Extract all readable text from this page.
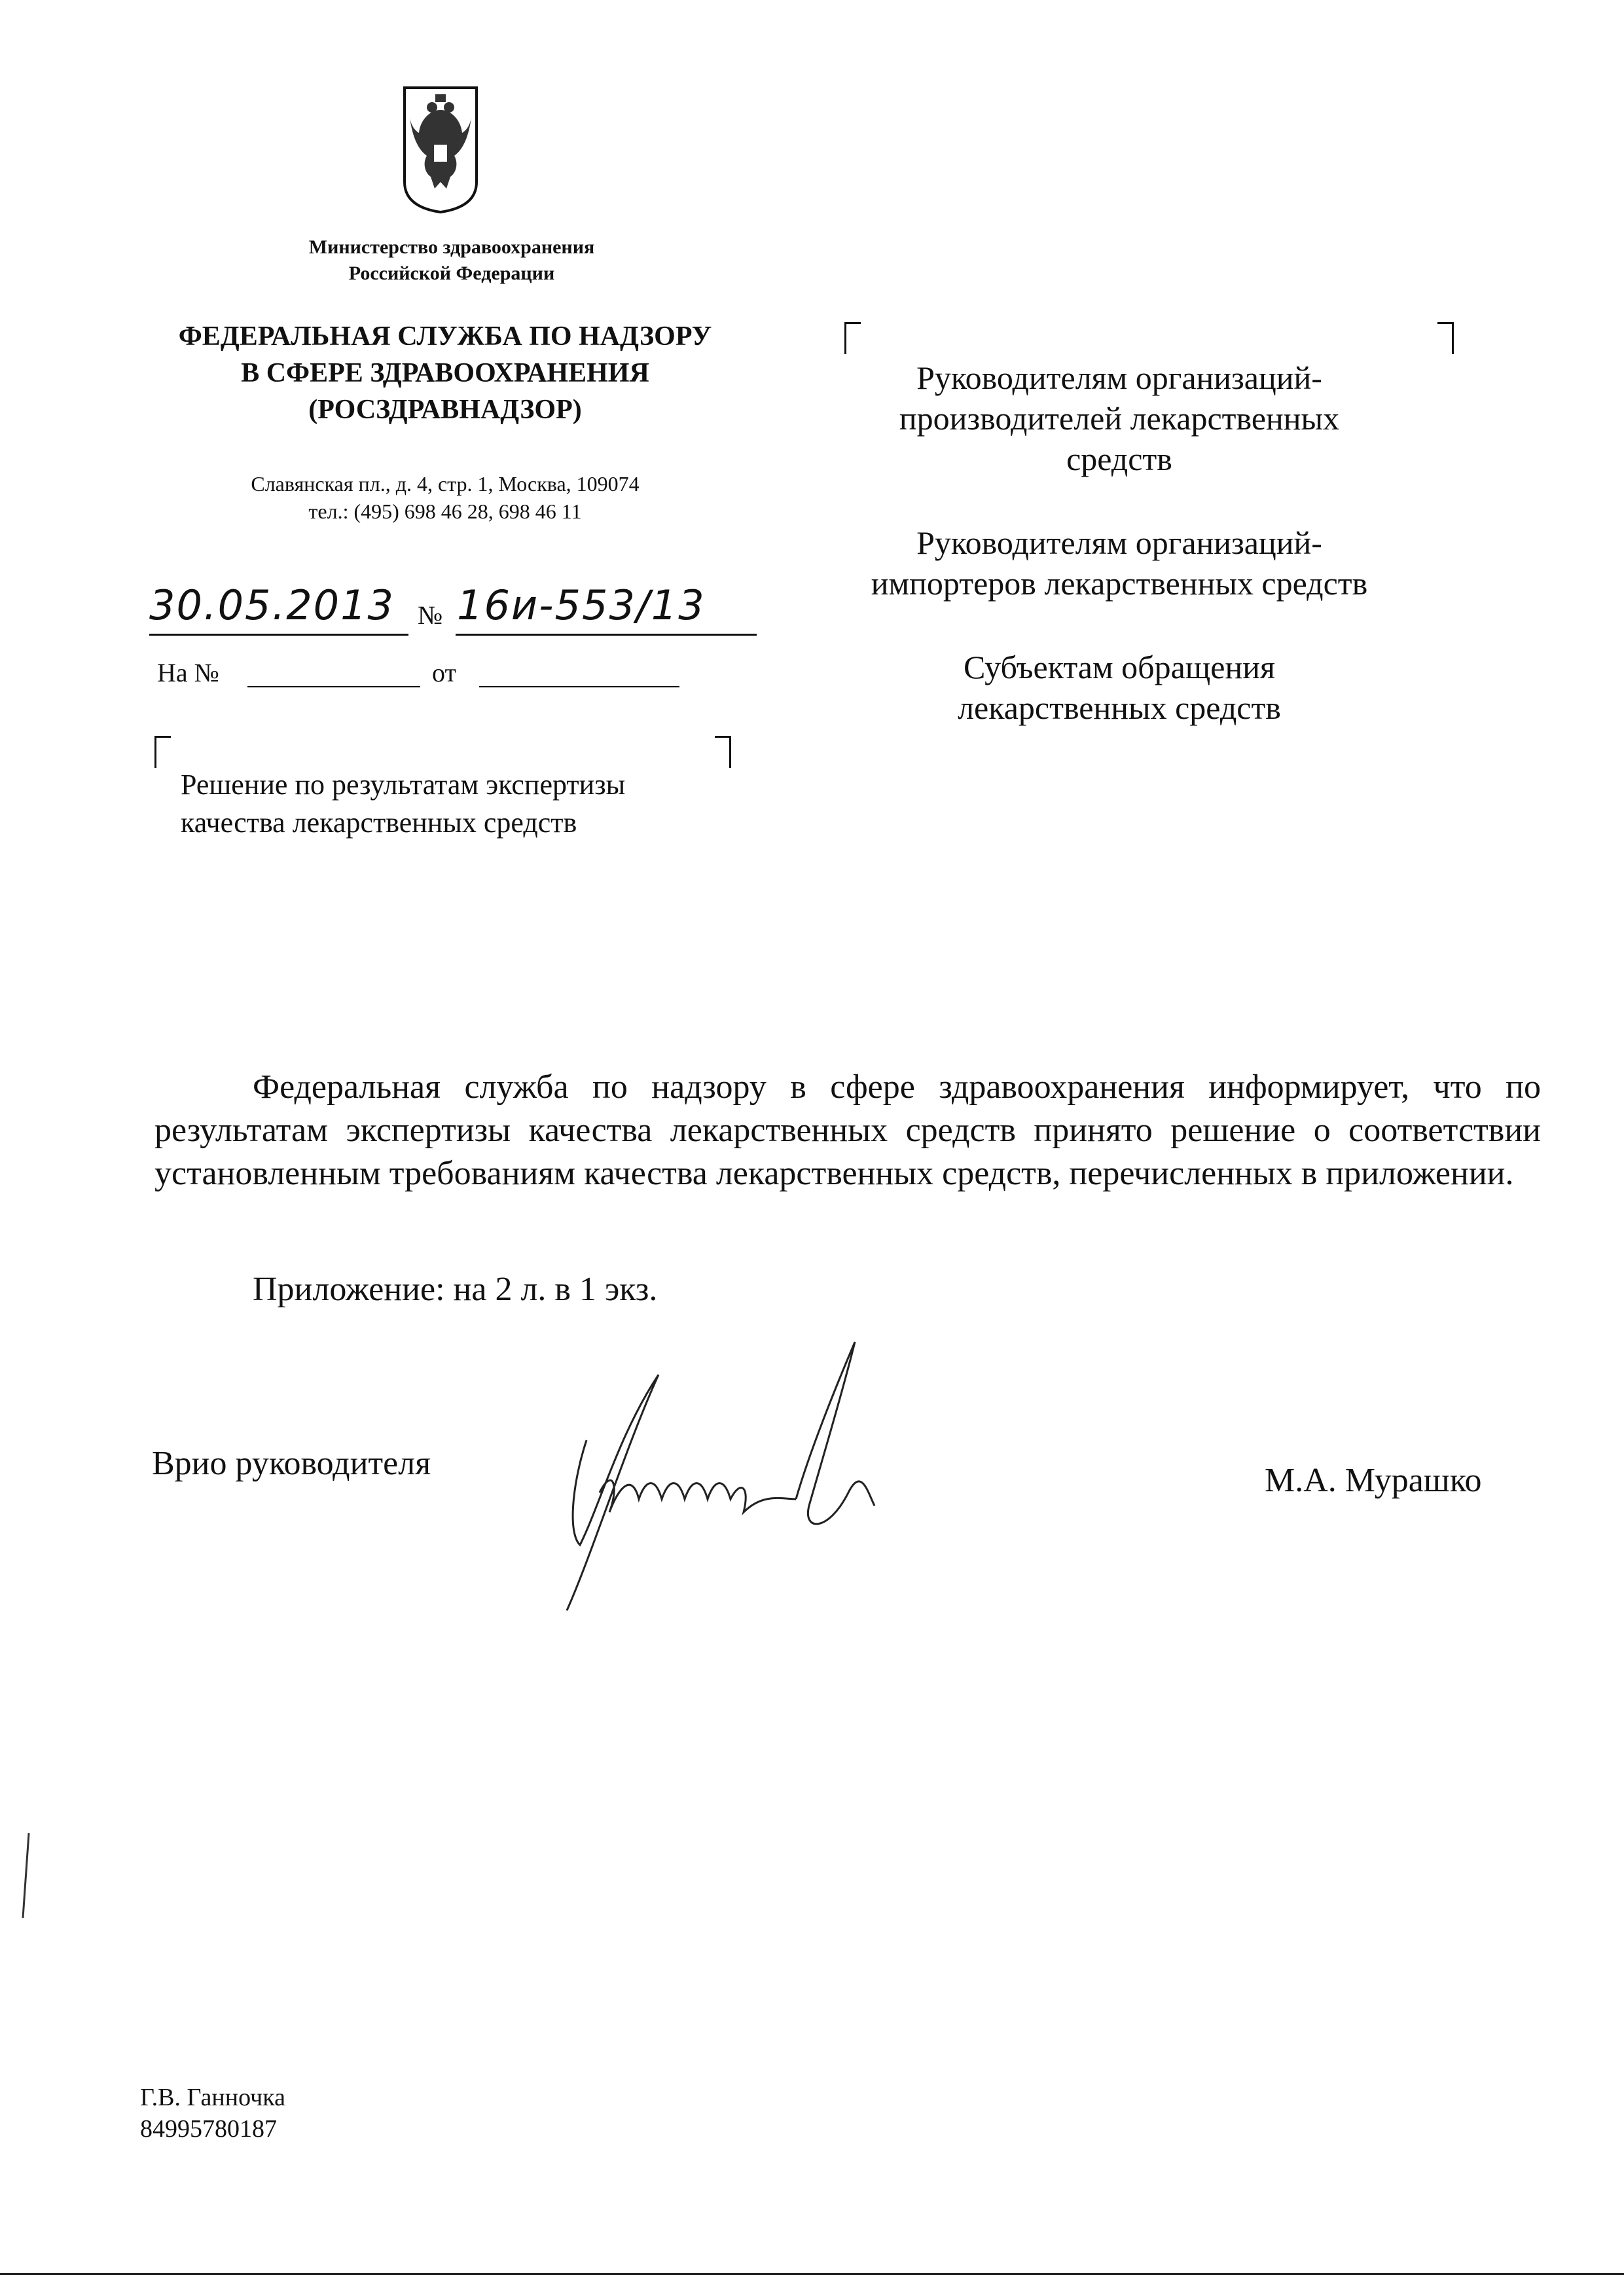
Министерство здравоохранения
Российской Федерации
ФЕДЕРАЛЬНАЯ СЛУЖБА ПО НАДЗОРУ
В СФЕРЕ ЗДРАВООХРАНЕНИЯ
(РОСЗДРАВНАДЗОР)
Славянская пл., д. 4, стр. 1, Москва, 109074
тел.: (495) 698 46 28, 698 46 11
30.05.2013 № 16и-553/13
На №	от
Решение по результатам экспертизы
качества лекарственных средств
Руководителям организаций-
производителей лекарственных
средств
Руководителям организаций-
импортеров лекарственных средств
Субъектам обращения
лекарственных средств
Федеральная служба по надзору в сфере здравоохранения информирует, что по результатам экспертизы качества лекарственных средств принято решение о соответствии установленным требованиям качества лекарственных средств, перечисленных в приложении.
Приложение: на 2 л. в 1 экз.
Врио руководителя	М.А. Мурашко
Г.В. Ганночка
84995780187
